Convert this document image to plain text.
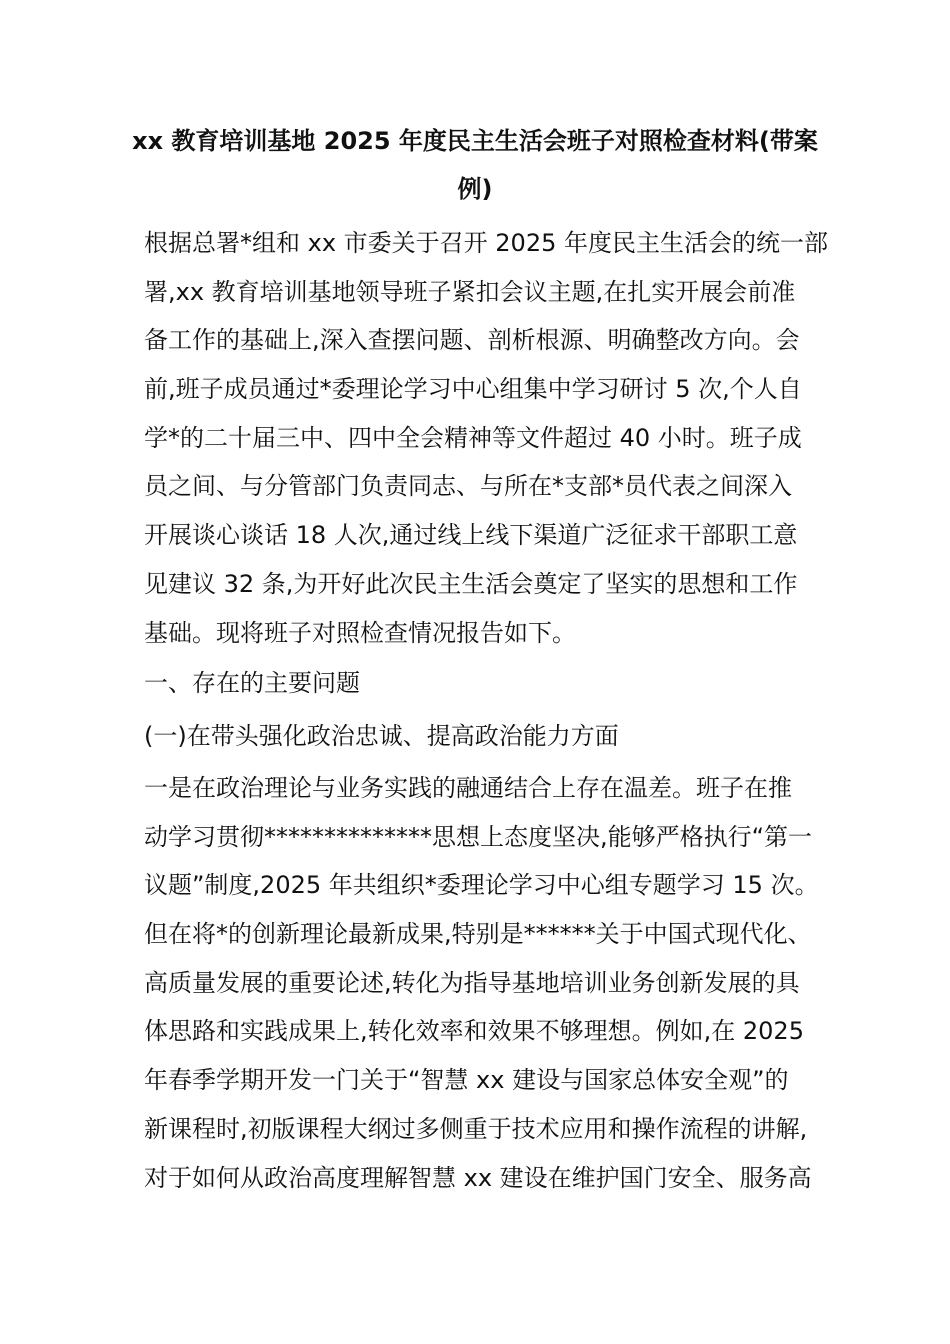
xx 教育培训基地 2025 年度民主生活会班子对照检查材料(带案
例)
根据总署*组和 xx 市委关于召开 2025 年度民主生活会的统一部
署,xx 教育培训基地领导班子紧扣会议主题,在扎实开展会前准
备工作的基础上,深入查摆问题、剖析根源、明确整改方向。会
前,班子成员通过*委理论学习中心组集中学习研讨 5 次,个人自
学*的二十届三中、四中全会精神等文件超过 40 小时。班子成
员之间、与分管部门负责同志、与所在*支部*员代表之间深入
开展谈心谈话 18 人次,通过线上线下渠道广泛征求干部职工意
见建议 32 条,为开好此次民主生活会奠定了坚实的思想和工作
基础。现将班子对照检查情况报告如下。
一、存在的主要问题
(一)在带头强化政治忠诚、提高政治能力方面
一是在政治理论与业务实践的融通结合上存在温差。班子在推
动学习贯彻**************思想上态度坚决,能够严格执行“第一
议题”制度,2025 年共组织*委理论学习中心组专题学习 15 次。
但在将*的创新理论最新成果,特别是******关于中国式现代化、
高质量发展的重要论述,转化为指导基地培训业务创新发展的具
体思路和实践成果上,转化效率和效果不够理想。例如,在 2025
年春季学期开发一门关于“智慧 xx 建设与国家总体安全观”的
新课程时,初版课程大纲过多侧重于技术应用和操作流程的讲解,
对于如何从政治高度理解智慧 xx 建设在维护国门安全、服务高
